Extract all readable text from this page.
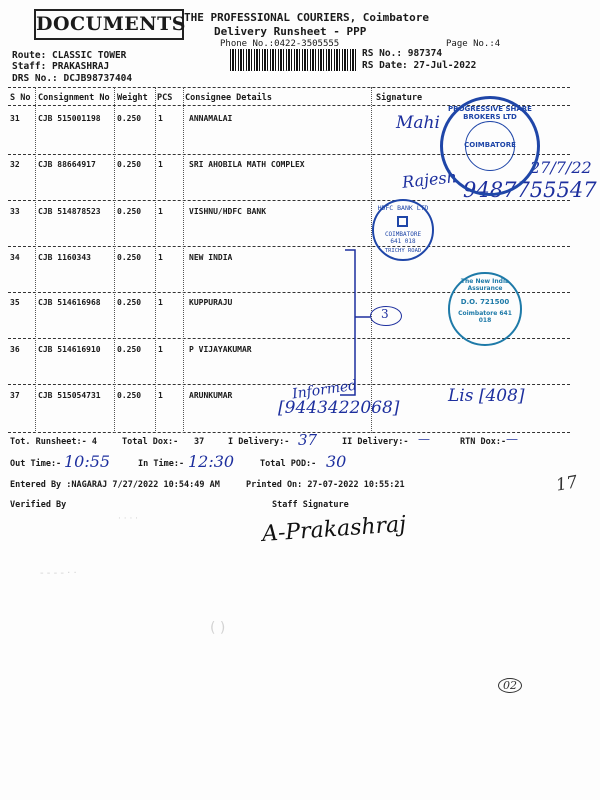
DOCUMENTS
THE PROFESSIONAL COURIERS, Coimbatore
Delivery Runsheet - PPP
Phone No.:0422-3505555	Page No.:4
Route: CLASSIC TOWER
Staff: PRAKASHRAJ
DRS No.: DCJB98737404
RS No.: 987374
RS Date: 27-Jul-2022
S No Consignment No Weight PCS Consignee Details	Signature
31 CJB 515001198 0.250 1	ANNAMALAI
32 CJB 88664917	0.250 1	SRI AHOBILA MATH COMPLEX
33 CJB 514878523 0.250 1	VISHNU/HDFC BANK
34 CJB 1160343	0.250 1	NEW INDIA
35 CJB 514616968 0.250 1	KUPPURAJU
36 CJB 514616910 0.250 1	P VIJAYAKUMAR
37 CJB 515054731 0.250 1	ARUNKUMAR
Mahi
Rajesh	27/7/22
9487755547
Lis [408]
Informed
[9443422068]
3
PROGRESSIVE SHARE BROKERS LTD
COIMBATORE
HDFC BANK LTD
COIMBATORE 641 018
TRICHY ROAD
The New India Assurance
D.O. 721500
Coimbatore 641 018
Tot. Runsheet:- 4	Total Dox:- 37	I Delivery:- 37	II Delivery:- —	RTN Dox:- —
Out Time:- 10:55	In Time:- 12:30	Total POD:- 30
Entered By :NAGARAJ 7/27/2022 10:54:49 AM	Printed On: 27-07-2022 10:55:21
Verified By	Staff Signature
A-Prakashraj
17
02
· · · ·
- - - - · ·
( )
